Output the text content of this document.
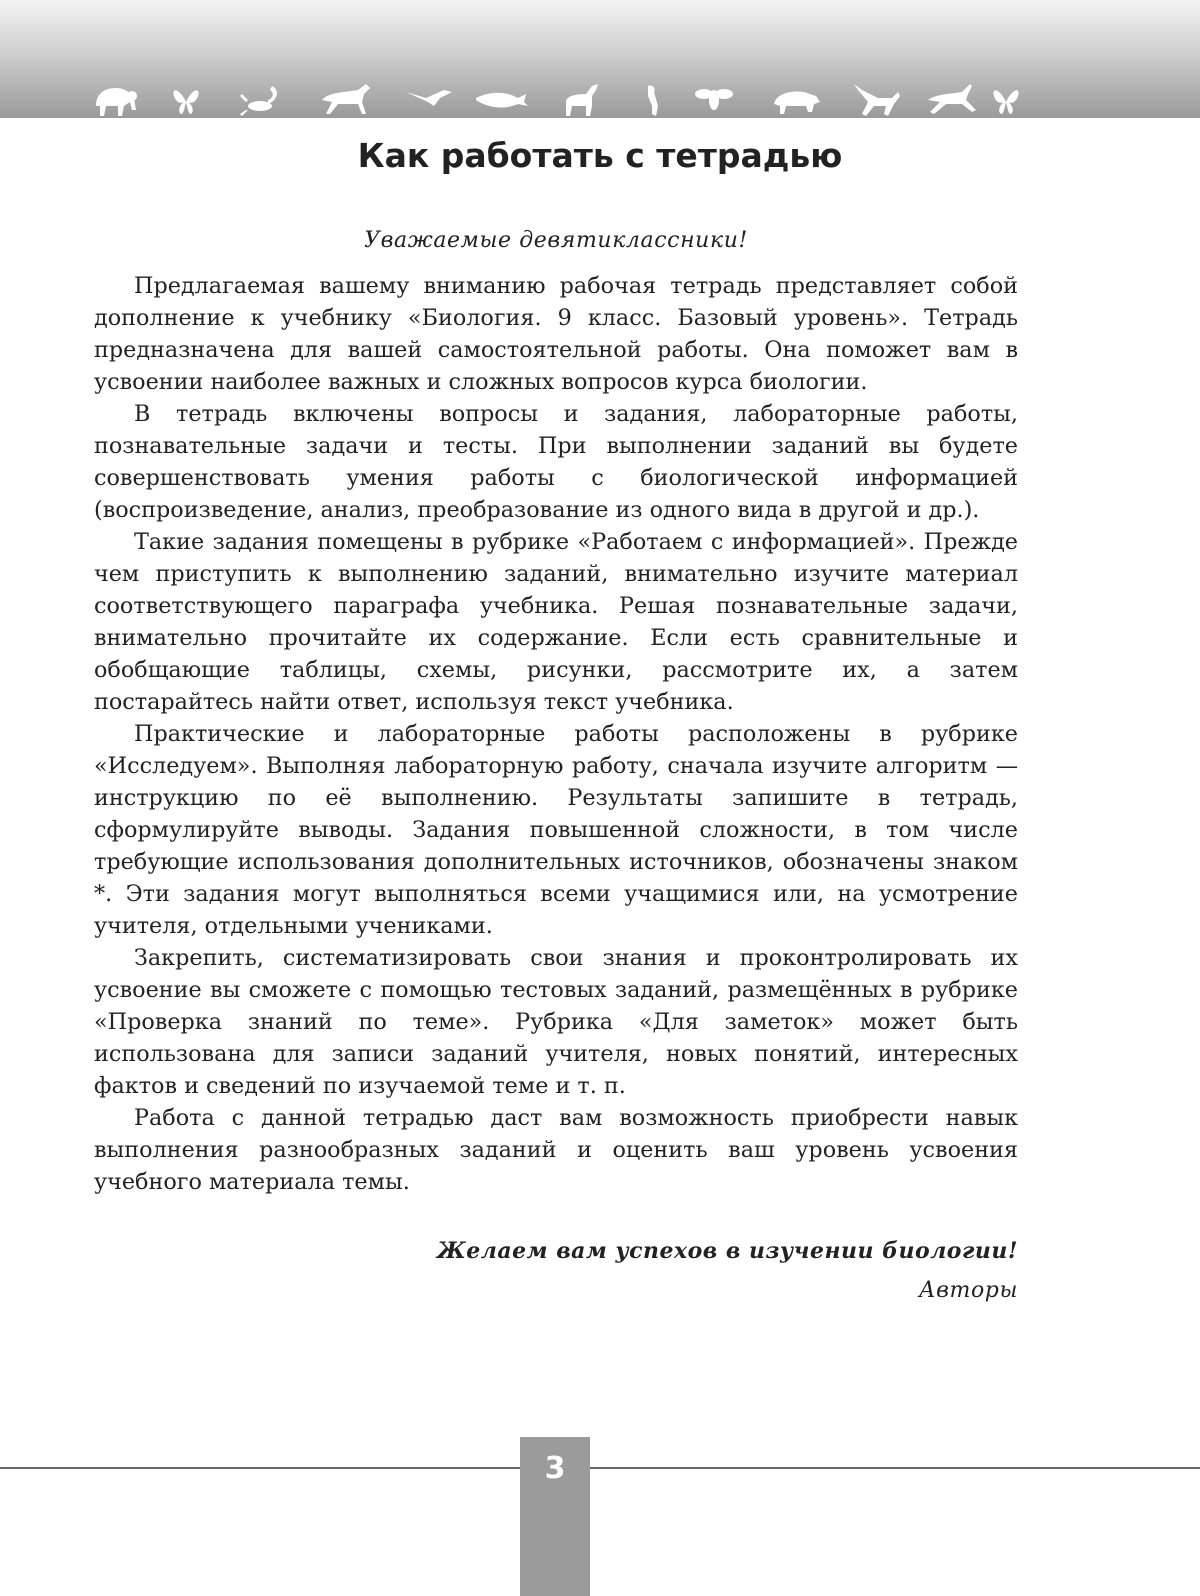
Как работать с тетрадью
Уважаемые девятиклассники!

Предлагаемая вашему вниманию рабочая тетрадь представляет собой дополнение к учебнику «Биология. 9 класс. Базовый уровень». Тетрадь предназначена для вашей самостоятельной работы. Она поможет вам в усвоении наиболее важных и сложных вопросов курса биологии.

В тетрадь включены вопросы и задания, лабораторные работы, познавательные задачи и тесты. При выполнении заданий вы будете совершенствовать умения работы с биологической информацией (воспроизведение, анализ, преобразование из одного вида в другой и др.).

Такие задания помещены в рубрике «Работаем с информацией». Прежде чем приступить к выполнению заданий, внимательно изучите материал соответствующего параграфа учебника. Решая познавательные задачи, внимательно прочитайте их содержание. Если есть сравнительные и обобщающие таблицы, схемы, рисунки, рассмотрите их, а затем постарайтесь найти ответ, используя текст учебника.

Практические и лабораторные работы расположены в рубрике «Исследуем». Выполняя лабораторную работу, сначала изучите алгоритм — инструкцию по её выполнению. Результаты запишите в тетрадь, сформулируйте выводы. Задания повышенной сложности, в том числе требующие использования дополнительных источников, обозначены знаком *. Эти задания могут выполняться всеми учащимися или, на усмотрение учителя, отдельными учениками.

Закрепить, систематизировать свои знания и проконтролировать их усвоение вы сможете с помощью тестовых заданий, размещённых в рубрике «Проверка знаний по теме». Рубрика «Для заметок» может быть использована для записи заданий учителя, новых понятий, интересных фактов и сведений по изучаемой теме и т. п.

Работа с данной тетрадью даст вам возможность приобрести навык выполнения разнообразных заданий и оценить ваш уровень усвоения учебного материала темы.

Желаем вам успехов в изучении биологии!
Авторы
3
